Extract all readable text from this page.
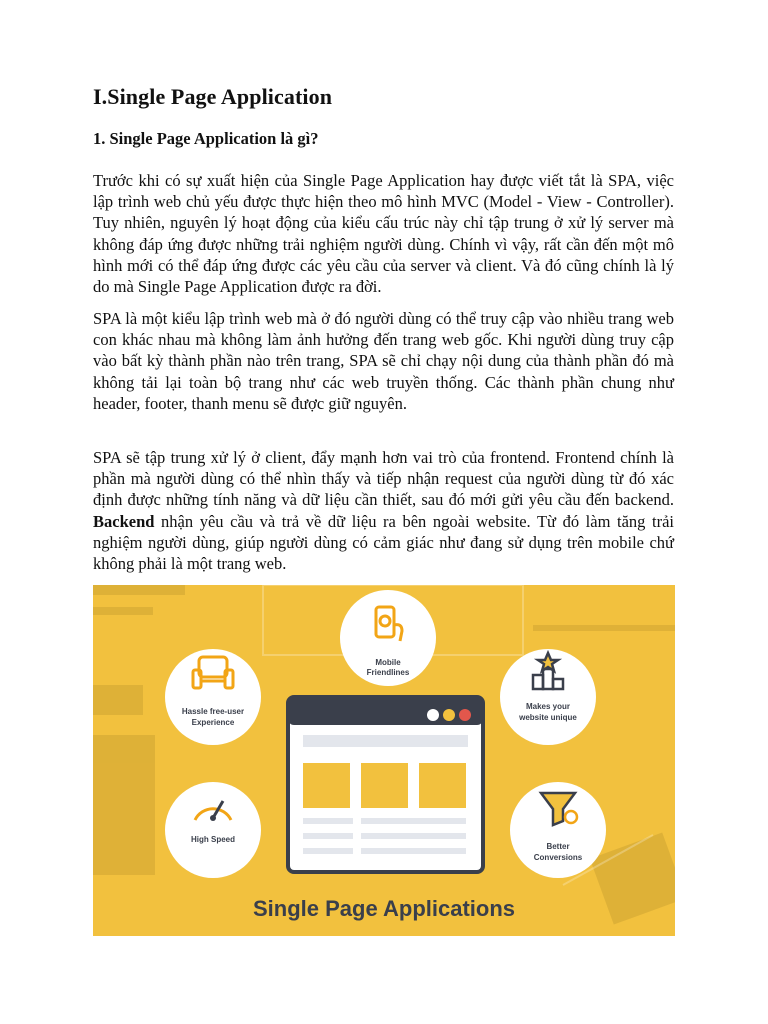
I.Single Page Application
1. Single Page Application là gì?

Trước khi có sự xuất hiện của Single Page Application hay được viết tắt là SPA, việc lập trình web chủ yếu được thực hiện theo mô hình MVC (Model - View - Controller). Tuy nhiên, nguyên lý hoạt động của kiểu cấu trúc này chỉ tập trung ở xử lý server mà không đáp ứng được những trải nghiệm người dùng. Chính vì vậy, rất cần đến một mô hình mới có thể đáp ứng được các yêu cầu của server và client. Và đó cũng chính là lý do mà Single Page Application được ra đời.

SPA là một kiểu lập trình web mà ở đó người dùng có thể truy cập vào nhiều trang web con khác nhau mà không làm ảnh hưởng đến trang web gốc. Khi người dùng truy cập vào bất kỳ thành phần nào trên trang, SPA sẽ chỉ chạy nội dung của thành phần đó mà không tải lại toàn bộ trang như các web truyền thống. Các thành phần chung như header, footer, thanh menu sẽ được giữ nguyên.

SPA sẽ tập trung xử lý ở client, đẩy mạnh hơn vai trò của frontend. Frontend chính là phần mà người dùng có thể nhìn thấy và tiếp nhận request của người dùng từ đó xác định được những tính năng và dữ liệu cần thiết, sau đó mới gửi yêu cầu đến backend. Backend nhận yêu cầu và trả về dữ liệu ra bên ngoài website. Từ đó làm tăng trải nghiệm người dùng, giúp người dùng có cảm giác như đang sử dụng trên mobile chứ không phải là một trang web.

Mobile
Friendlines
Hassle free-user
Experience
Makes your
website unique
High Speed
Better
Conversions
Single Page Applications
